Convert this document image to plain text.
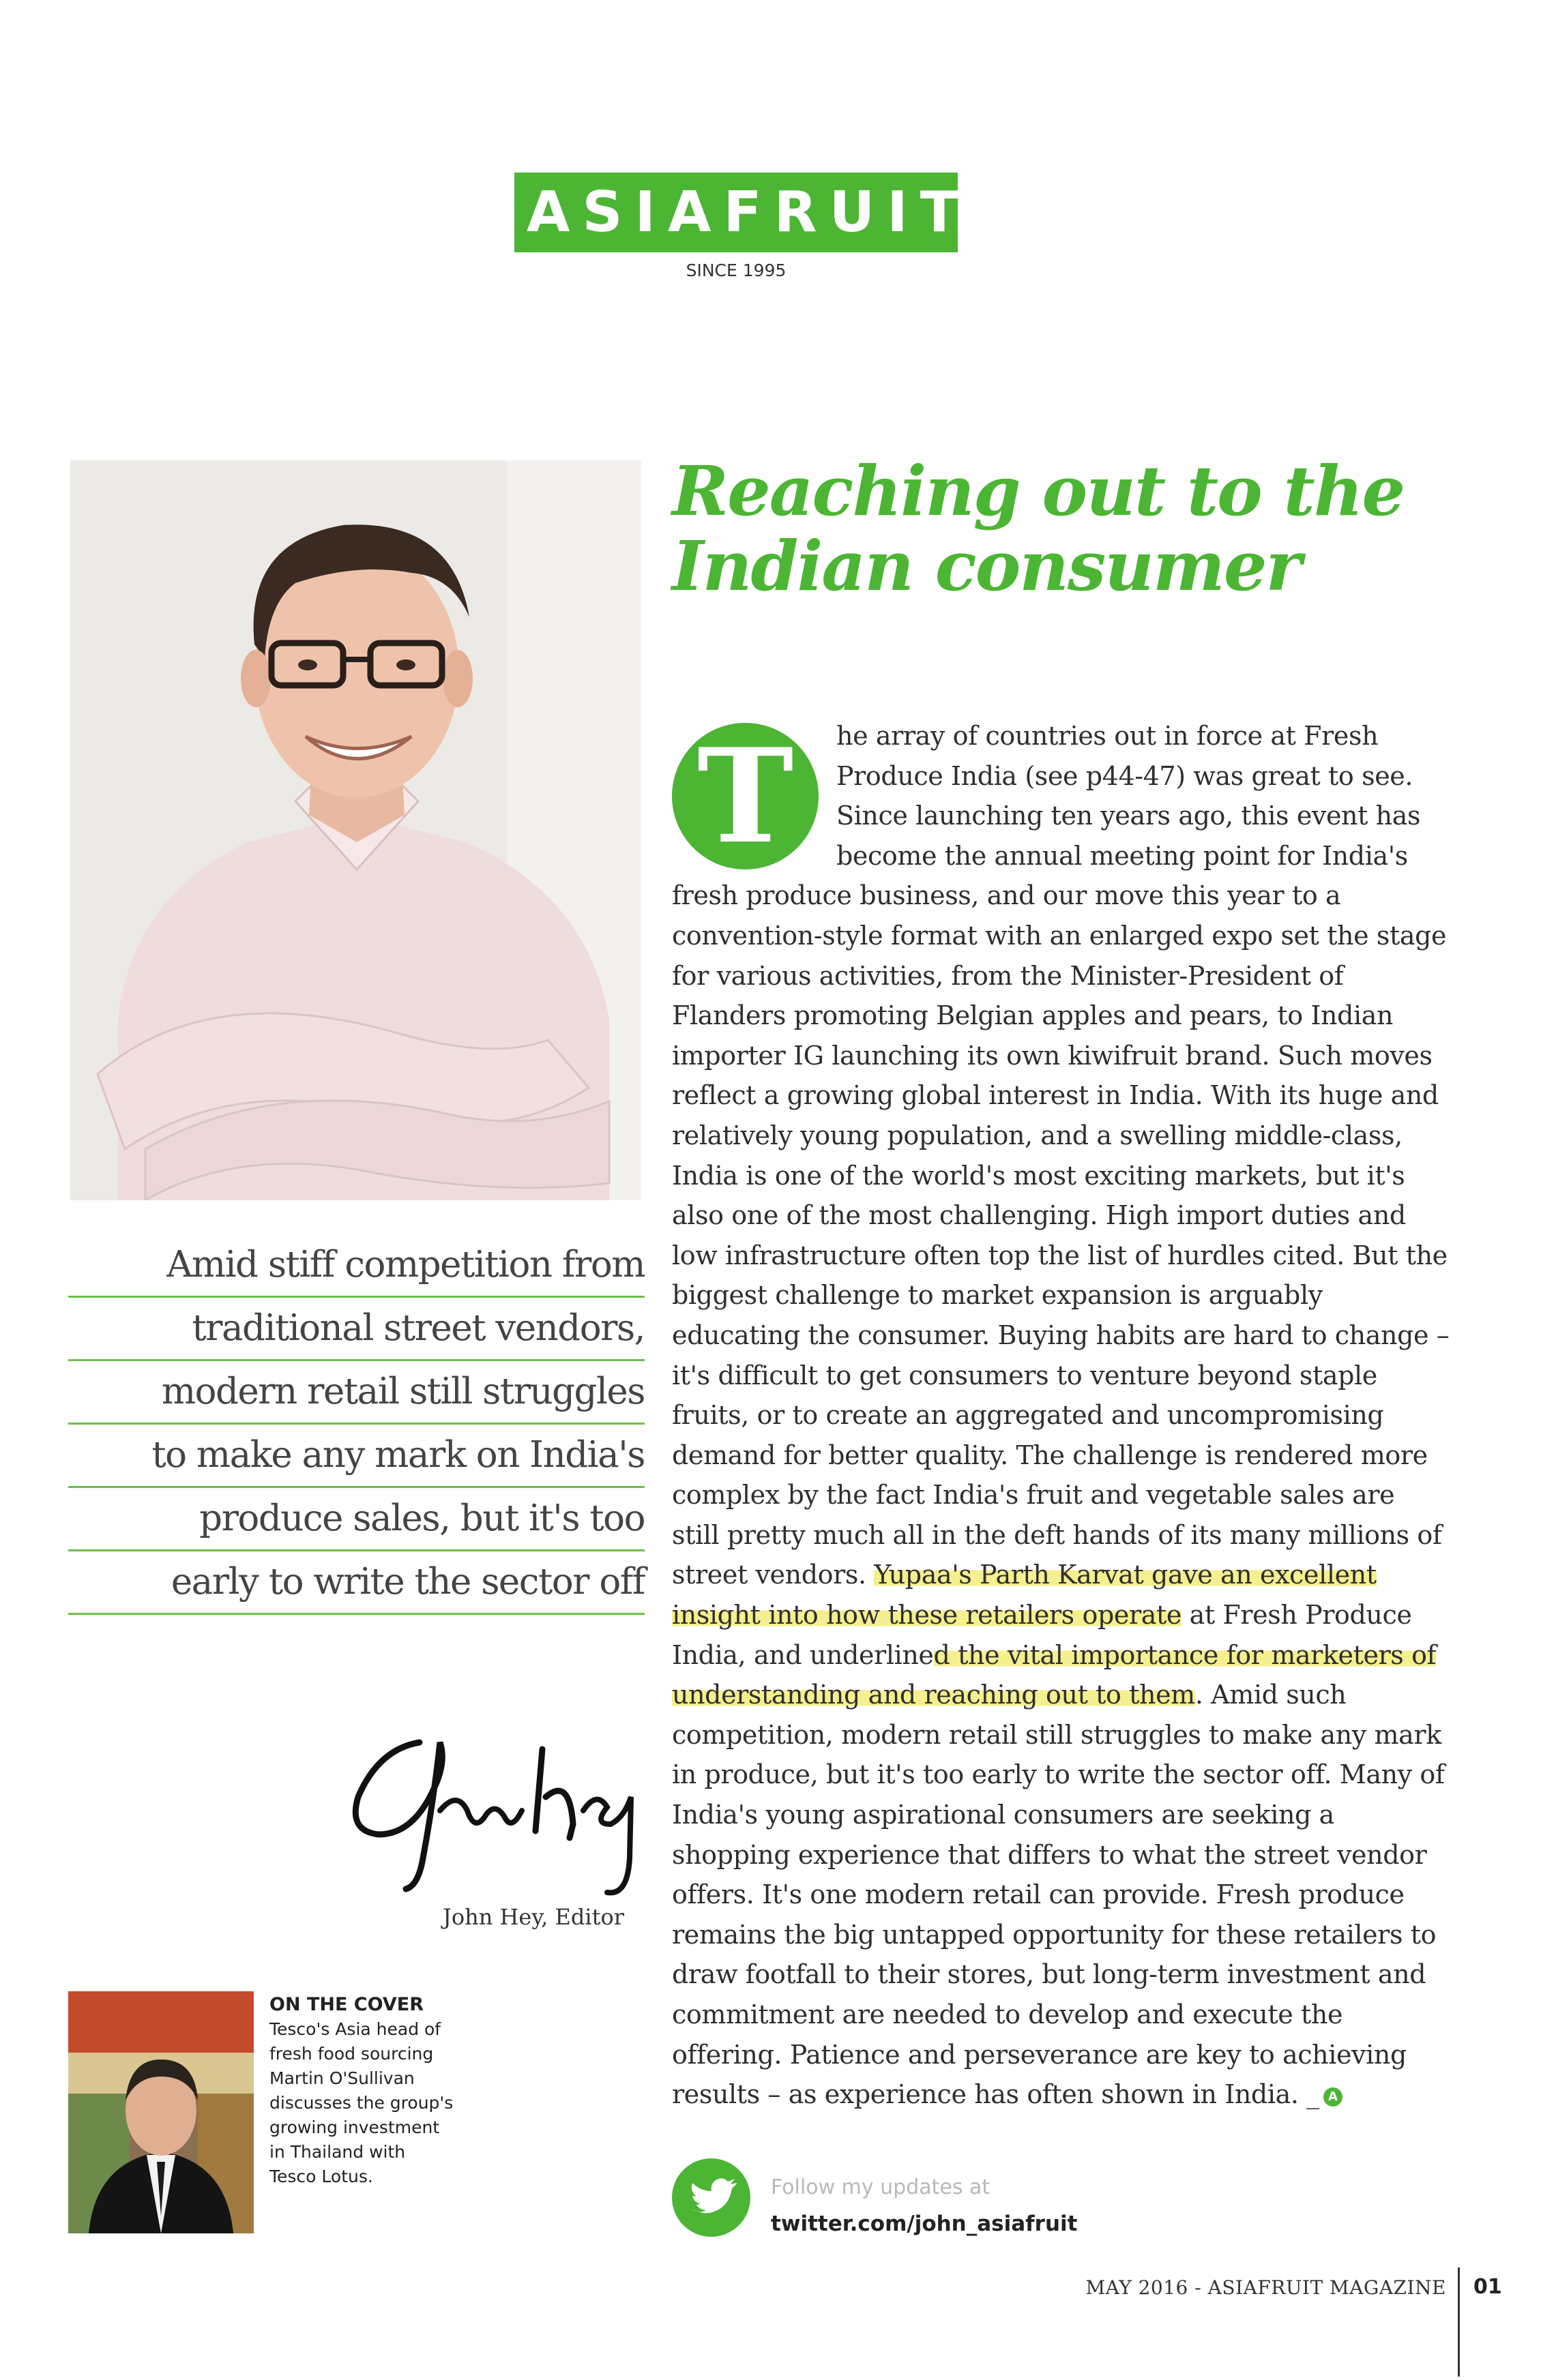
ASIAFRUIT
SINCE 1995
Reaching out to the
Indian consumer
Amid stiff competition from
traditional street vendors,
modern retail still struggles
to make any mark on India's
produce sales, but it's too
early to write the sector off
John Hey, Editor
ON THE COVER
Tesco's Asia head of fresh food sourcing Martin O'Sullivan discusses the group's growing investment in Thailand with Tesco Lotus.
T	he array of countries out in force at Fresh Produce India (see p44-47) was great to see. Since launching ten years ago, this event has become the annual meeting point for India's fresh produce business, and our move this year to a convention-style format with an enlarged expo set the stage for various activities, from the Minister-President of Flanders promoting Belgian apples and pears, to Indian importer IG launching its own kiwifruit brand. Such moves reflect a growing global interest in India. With its huge and relatively young population, and a swelling middle-class, India is one of the world's most exciting markets, but it's also one of the most challenging. High import duties and low infrastructure often top the list of hurdles cited. But the biggest challenge to market expansion is arguably educating the consumer. Buying habits are hard to change – it's difficult to get consumers to venture beyond staple fruits, or to create an aggregated and uncompromising demand for better quality. The challenge is rendered more complex by the fact India's fruit and vegetable sales are still pretty much all in the deft hands of its many millions of street vendors. Yupaa's Parth Karvat gave an excellent insight into how these retailers operate at Fresh Produce India, and underlined the vital importance for marketers of understanding and reaching out to them. Amid such competition, modern retail still struggles to make any mark in produce, but it's too early to write the sector off. Many of India's young aspirational consumers are seeking a shopping experience that differs to what the street vendor offers. It's one modern retail can provide. Fresh produce remains the big untapped opportunity for these retailers to draw footfall to their stores, but long-term investment and commitment are needed to develop and execute the offering. Patience and perseverance are key to achieving results – as experience has often shown in India. _ A
Follow my updates at
twitter.com/john_asiafruit
MAY 2016 - ASIAFRUIT MAGAZINE 01
